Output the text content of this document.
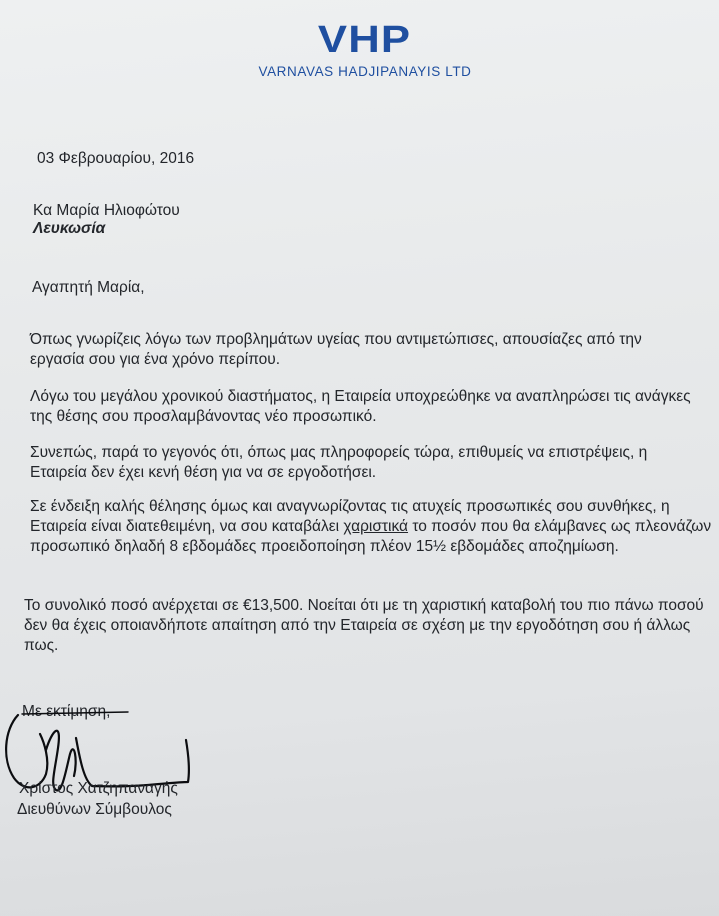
VHP
VARNAVAS HADJIPANAYIS LTD
03 Φεβρουαρίου, 2016
Κα Μαρία Ηλιοφώτου
Λευκωσία
Αγαπητή Μαρία,
Όπως γνωρίζεις λόγω των προβλημάτων υγείας που αντιμετώπισες, απουσίαζες από την εργασία σου για ένα χρόνο περίπου.
Λόγω του μεγάλου χρονικού διαστήματος, η Εταιρεία υποχρεώθηκε να αναπληρώσει τις ανάγκες της θέσης σου προσλαμβάνοντας νέο προσωπικό.
Συνεπώς, παρά το γεγονός ότι, όπως μας πληροφορείς τώρα, επιθυμείς να επιστρέψεις, η Εταιρεία δεν έχει κενή θέση για να σε εργοδοτήσει.
Σε ένδειξη καλής θέλησης όμως και αναγνωρίζοντας τις ατυχείς προσωπικές σου συνθήκες, η Εταιρεία είναι διατεθειμένη, να σου καταβάλει χαριστικά το ποσόν που θα ελάμβανες ως πλεονάζων προσωπικό δηλαδή 8 εβδομάδες προειδοποίηση πλέον 15½ εβδομάδες αποζημίωση.
Το συνολικό ποσό ανέρχεται σε €13,500. Νοείται ότι με τη χαριστική καταβολή του πιο πάνω ποσού δεν θα έχεις οποιανδήποτε απαίτηση από την Εταιρεία σε σχέση με την εργοδότηση σου ή άλλως πως.
Με εκτίμηση,
Χρίστος Χατζηπαναγής
Διευθύνων Σύμβουλος
